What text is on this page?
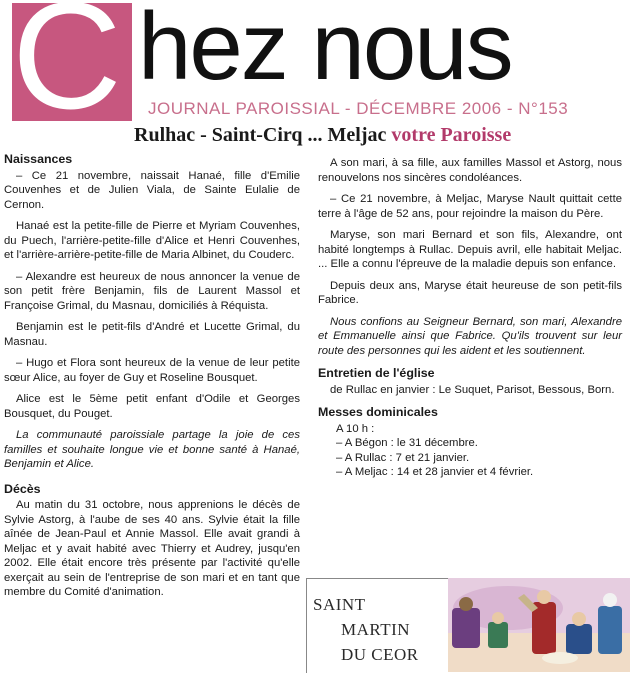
C hez nous
JOURNAL PAROISSIAL - DÉCEMBRE 2006 - N°153
Rulhac - Saint-Cirq ... Meljac votre Paroisse
Naissances

– Ce 21 novembre, naissait Hanaé, fille d'Emilie Couvenhes et de Julien Viala, de Sainte Eulalie de Cernon.

Hanaé est la petite-fille de Pierre et Myriam Couvenhes, du Puech, l'arrière-petite-fille d'Alice et Henri Couvenhes, et l'arrière-arrière-petite-fille de Maria Albinet, du Couderc.

– Alexandre est heureux de nous annoncer la venue de son petit frère Benjamin, fils de Laurent Massol et Françoise Grimal, du Masnau, domiciliés à Réquista.

Benjamin est le petit-fils d'André et Lucette Grimal, du Masnau.

– Hugo et Flora sont heureux de la venue de leur petite sœur Alice, au foyer de Guy et Roseline Bousquet.

Alice est le 5ème petit enfant d'Odile et Georges Bousquet, du Pouget.

La communauté paroissiale partage la joie de ces familles et souhaite longue vie et bonne santé à Hanaé, Benjamin et Alice.

Décès

Au matin du 31 octobre, nous apprenions le décès de Sylvie Astorg, à l'aube de ses 40 ans. Sylvie était la fille aînée de Jean-Paul et Annie Massol. Elle avait grandi à Meljac et y avait habité avec Thierry et Audrey, jusqu'en 2002. Elle était encore très présente par l'activité qu'elle exerçait au sein de l'entreprise de son mari et en tant que membre du Comité d'animation.

A son mari, à sa fille, aux familles Massol et Astorg, nous renouvelons nos sincères condoléances.

– Ce 21 novembre, à Meljac, Maryse Nault quittait cette terre à l'âge de 52 ans, pour rejoindre la maison du Père.

Maryse, son mari Bernard et son fils, Alexandre, ont habité longtemps à Rullac. Depuis avril, elle habitait Meljac. ... Elle a connu l'épreuve de la maladie depuis son enfance.

Depuis deux ans, Maryse était heureuse de son petit-fils Fabrice.

Nous confions au Seigneur Bernard, son mari, Alexandre et Emmanuelle ainsi que Fabrice. Qu'ils trouvent sur leur route des personnes qui les aident et les soutiennent.

Entretien de l'église

de Rullac en janvier : Le Suquet, Parisot, Bessous, Born.

Messes dominicales

A 10 h :

– A Bégon : le 31 décembre.

– A Rullac : 7 et 21 janvier.

– A Meljac : 14 et 28 janvier et 4 février.

SAINT
MARTIN
DU CEOR
